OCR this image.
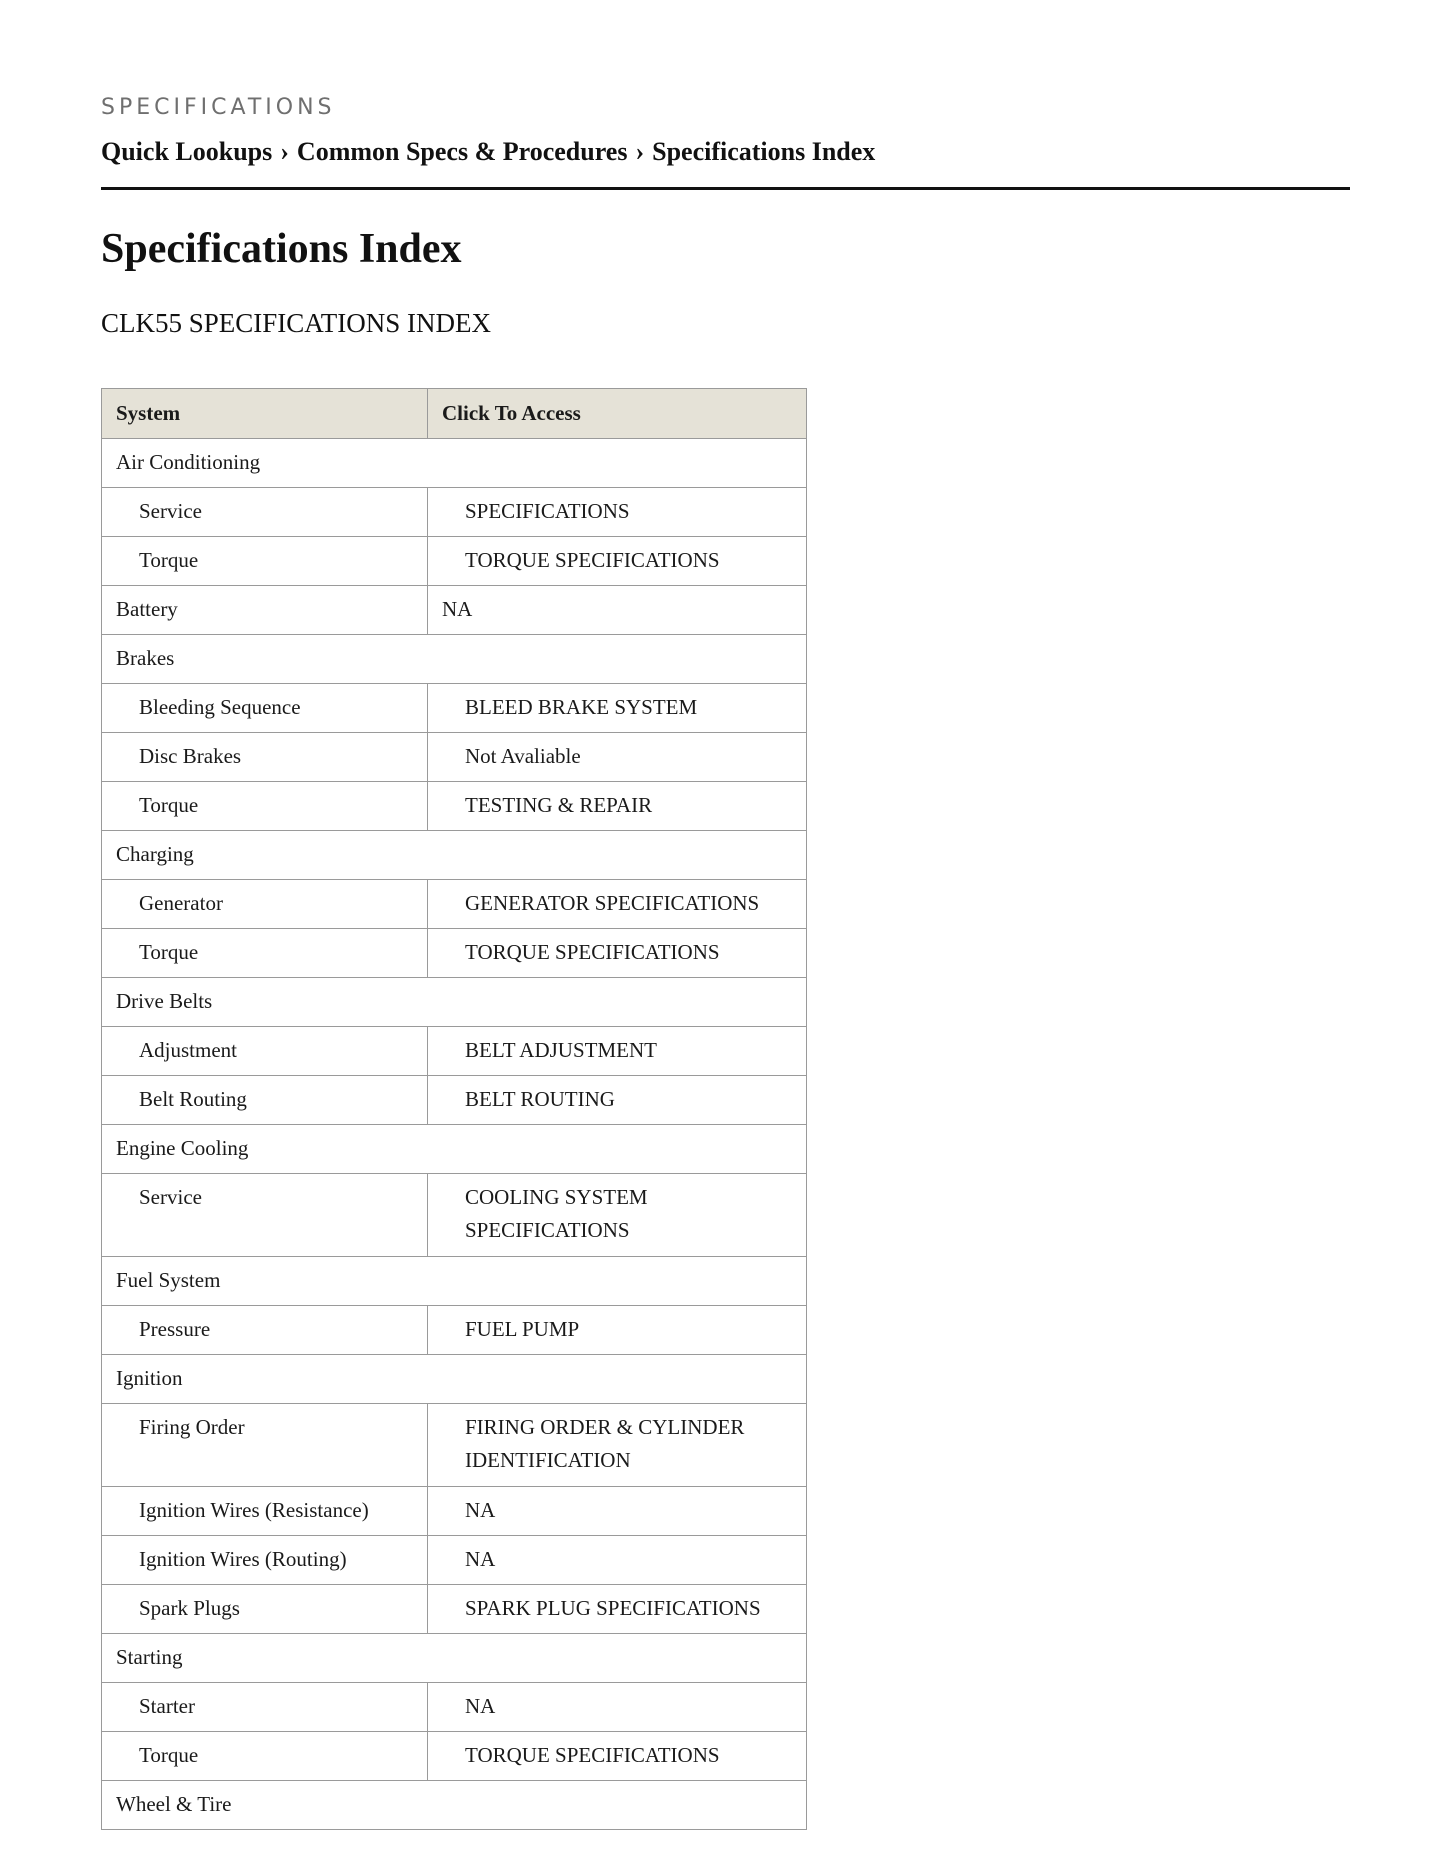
SPECIFICATIONS
Quick Lookups › Common Specs & Procedures › Specifications Index
Specifications Index
CLK55 SPECIFICATIONS INDEX
System	Click To Access

Air Conditioning	

Service	SPECIFICATIONS

Torque	TORQUE SPECIFICATIONS

Battery	NA

Brakes	

Bleeding Sequence	BLEED BRAKE SYSTEM

Disc Brakes	Not Avaliable

Torque	TESTING & REPAIR

Charging	

Generator	GENERATOR SPECIFICATIONS

Torque	TORQUE SPECIFICATIONS

Drive Belts	

Adjustment	BELT ADJUSTMENT

Belt Routing	BELT ROUTING

Engine Cooling	

Service	COOLING SYSTEM SPECIFICATIONS

Fuel System	

Pressure	FUEL PUMP

Ignition	

Firing Order	FIRING ORDER & CYLINDER IDENTIFICATION

Ignition Wires (Resistance)	NA

Ignition Wires (Routing)	NA

Spark Plugs	SPARK PLUG SPECIFICATIONS

Starting	

Starter	NA

Torque	TORQUE SPECIFICATIONS

Wheel & Tire	
